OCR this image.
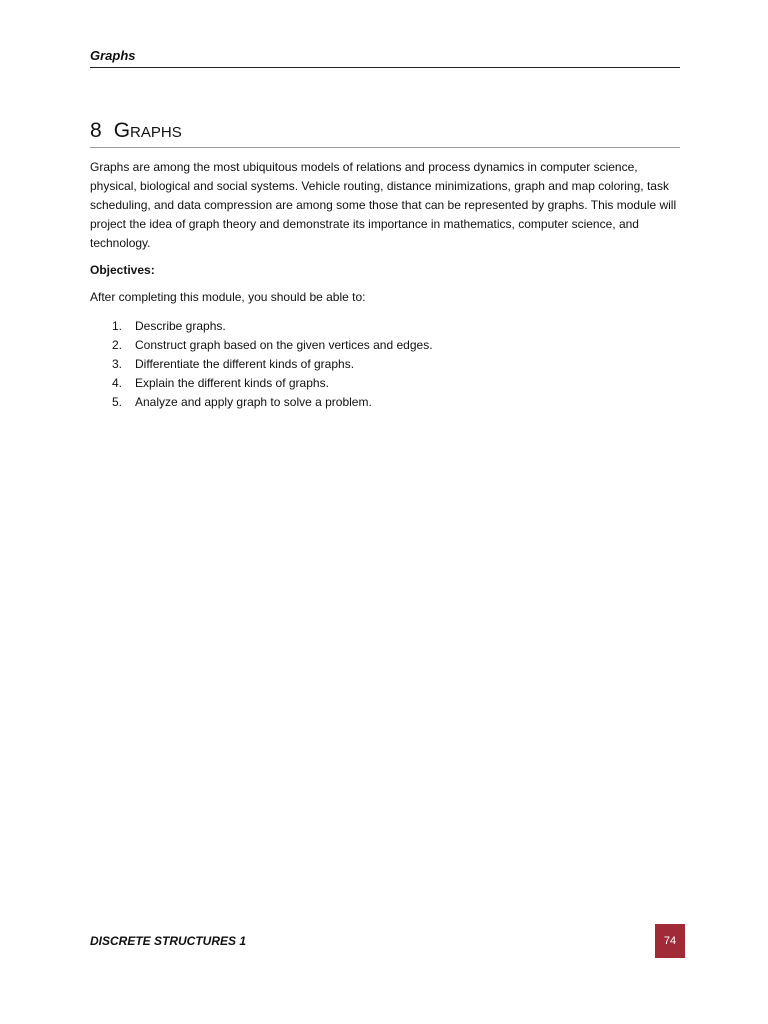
Graphs
8 Graphs

Graphs are among the most ubiquitous models of relations and process dynamics in computer science, physical, biological and social systems. Vehicle routing, distance minimizations, graph and map coloring, task scheduling, and data compression are among some those that can be represented by graphs. This module will project the idea of graph theory and demonstrate its importance in mathematics, computer science, and technology.

Objectives:

After completing this module, you should be able to:

1.	Describe graphs.
2.	Construct graph based on the given vertices and edges.
3.	Differentiate the different kinds of graphs.
4.	Explain the different kinds of graphs.
5.	Analyze and apply graph to solve a problem.
DISCRETE STRUCTURES 1	74
